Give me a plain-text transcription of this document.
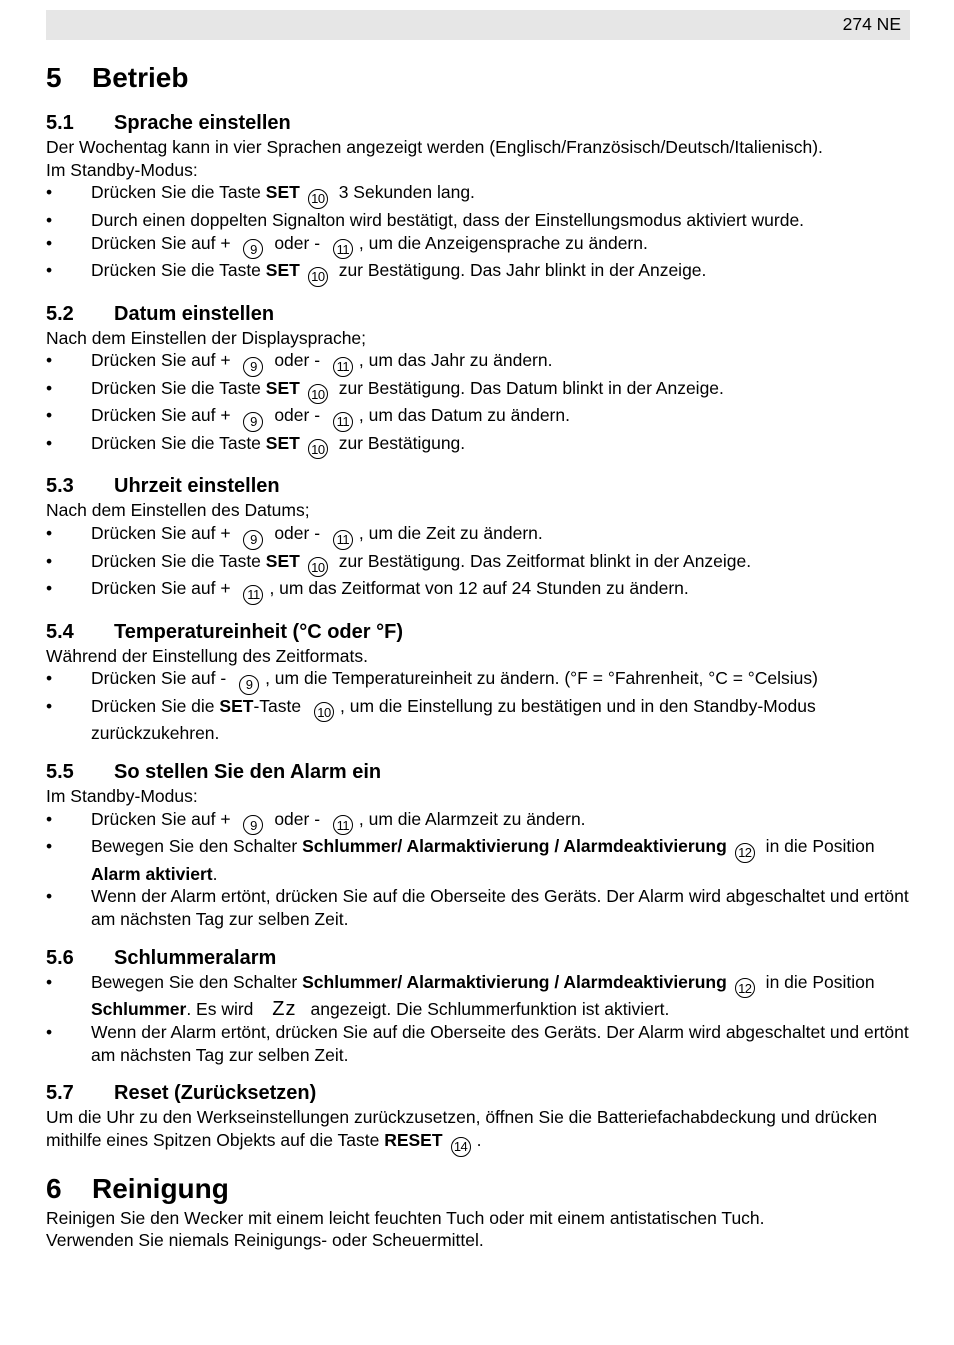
274 NE
5	Betrieb
5.1	Sprache einstellen

Der Wochentag kann in vier Sprachen angezeigt werden (Englisch/Französisch/Deutsch/Italienisch).

Im Standby-Modus:

• Drücken Sie die Taste SET 10 3 Sekunden lang.
• Durch einen doppelten Signalton wird bestätigt, dass der Einstellungsmodus aktiviert wurde.
• Drücken Sie auf + 9 oder - 11 , um die Anzeigensprache zu ändern.
• Drücken Sie die Taste SET 10 zur Bestätigung. Das Jahr blinkt in der Anzeige.
5.2	Datum einstellen

Nach dem Einstellen der Displaysprache;

• Drücken Sie auf + 9 oder - 11 , um das Jahr zu ändern.
• Drücken Sie die Taste SET 10 zur Bestätigung. Das Datum blinkt in der Anzeige.
• Drücken Sie auf + 9 oder - 11 , um das Datum zu ändern.
• Drücken Sie die Taste SET 10 zur Bestätigung.
5.3	Uhrzeit einstellen

Nach dem Einstellen des Datums;

• Drücken Sie auf + 9 oder - 11 , um die Zeit zu ändern.
• Drücken Sie die Taste SET 10 zur Bestätigung. Das Zeitformat blinkt in der Anzeige.
• Drücken Sie auf + 11 , um das Zeitformat von 12 auf 24 Stunden zu ändern.
5.4	Temperatureinheit (°C oder °F)

Während der Einstellung des Zeitformats.

• Drücken Sie auf - 9 , um die Temperatureinheit zu ändern. (°F = °Fahrenheit, °C = °Celsius)
• Drücken Sie die SET-Taste 10 , um die Einstellung zu bestätigen und in den Standby-Modus zurückzukehren.
5.5	So stellen Sie den Alarm ein

Im Standby-Modus:

• Drücken Sie auf + 9 oder - 11 , um die Alarmzeit zu ändern.
• Bewegen Sie den Schalter Schlummer/ Alarmaktivierung / Alarmdeaktivierung 12 in die Position Alarm aktiviert.
• Wenn der Alarm ertönt, drücken Sie auf die Oberseite des Geräts. Der Alarm wird abgeschaltet und ertönt am nächsten Tag zur selben Zeit.
5.6	Schlummeralarm
• Bewegen Sie den Schalter Schlummer/ Alarmaktivierung / Alarmdeaktivierung 12 in die Position Schlummer. Es wird Zz angezeigt. Die Schlummerfunktion ist aktiviert.
• Wenn der Alarm ertönt, drücken Sie auf die Oberseite des Geräts. Der Alarm wird abgeschaltet und ertönt am nächsten Tag zur selben Zeit.
5.7	Reset (Zurücksetzen)

Um die Uhr zu den Werkseinstellungen zurückzusetzen, öffnen Sie die Batteriefachabdeckung und drücken mithilfe eines Spitzen Objekts auf die Taste RESET 14 .

6	Reinigung

Reinigen Sie den Wecker mit einem leicht feuchten Tuch oder mit einem antistatischen Tuch.

Verwenden Sie niemals Reinigungs- oder Scheuermittel.
